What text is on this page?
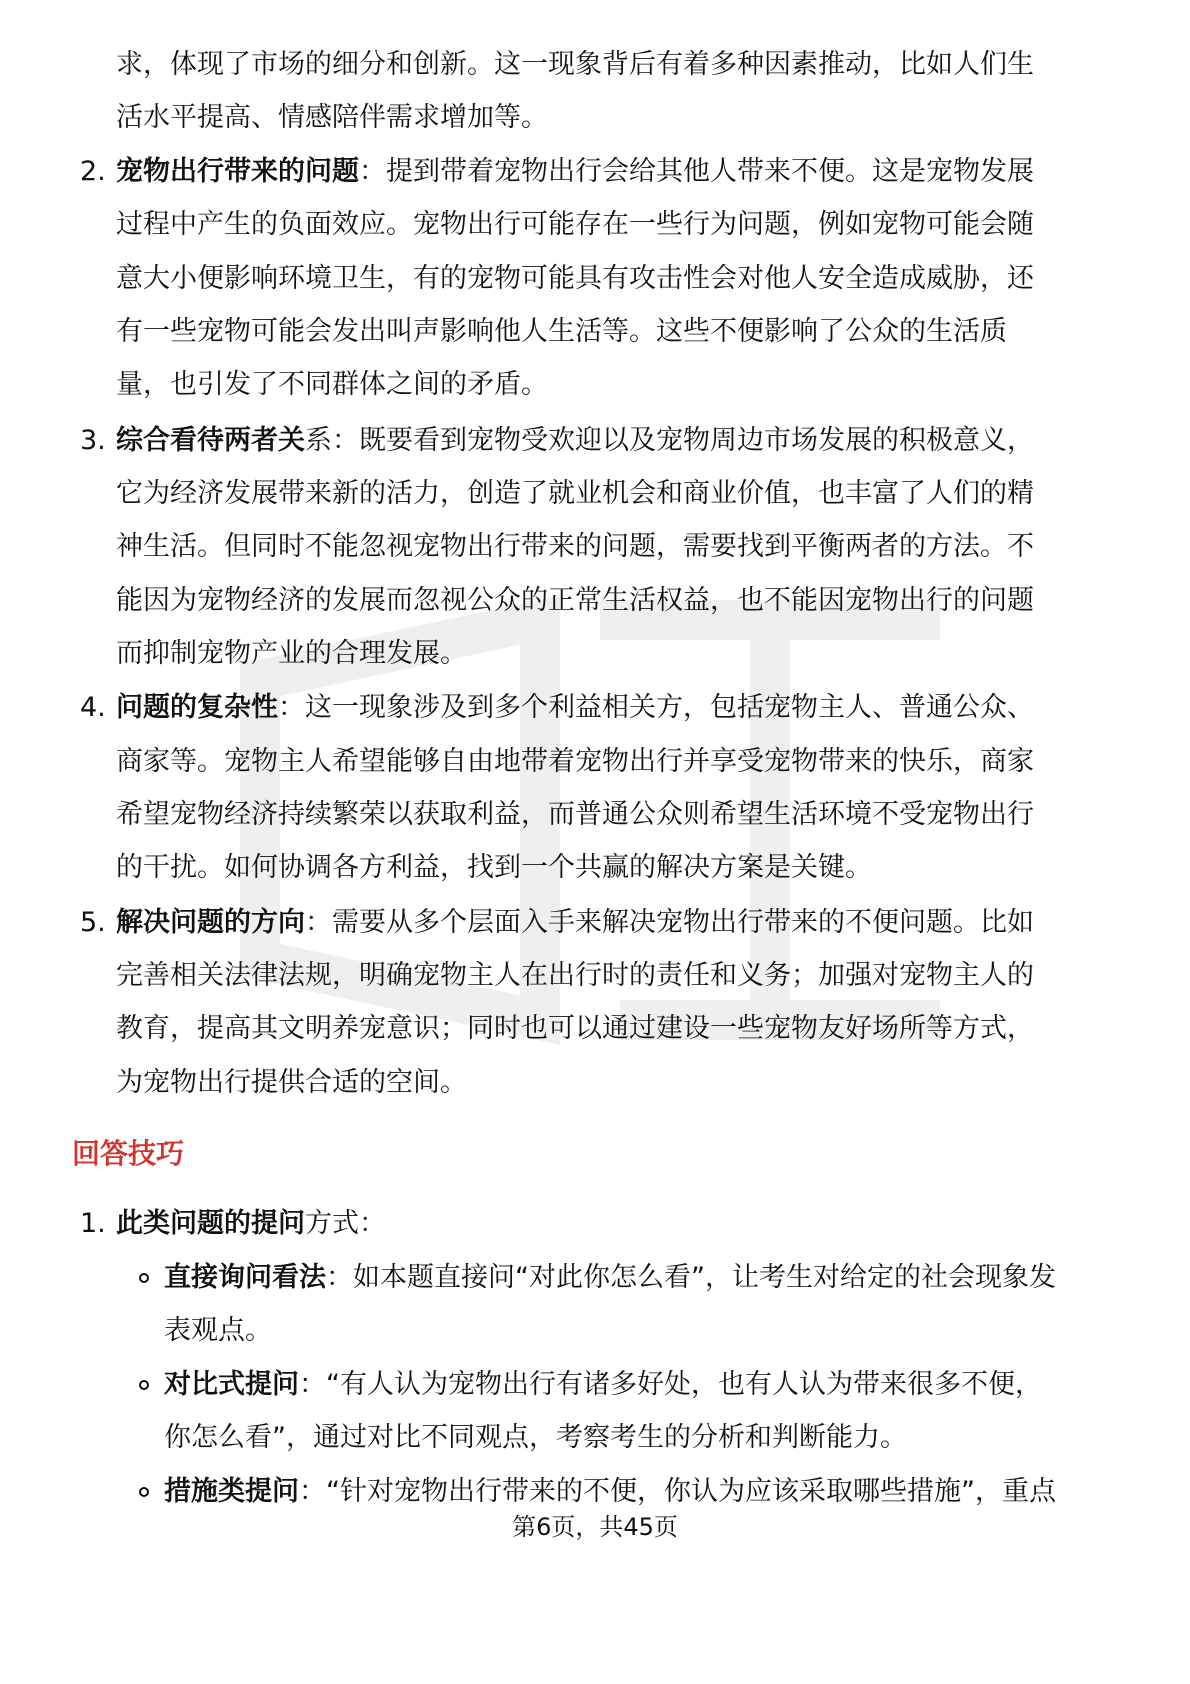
求，体现了市场的细分和创新。这一现象背后有着多种因素推动，比如人们生
活水平提高、情感陪伴需求增加等。
2. 宠物出行带来的问题：提到带着宠物出行会给其他人带来不便。这是宠物发展
过程中产生的负面效应。宠物出行可能存在一些行为问题，例如宠物可能会随
意大小便影响环境卫生，有的宠物可能具有攻击性会对他人安全造成威胁，还
有一些宠物可能会发出叫声影响他人生活等。这些不便影响了公众的生活质
量，也引发了不同群体之间的矛盾。
3. 综合看待两者关系：既要看到宠物受欢迎以及宠物周边市场发展的积极意义，
它为经济发展带来新的活力，创造了就业机会和商业价值，也丰富了人们的精
神生活。但同时不能忽视宠物出行带来的问题，需要找到平衡两者的方法。不
能因为宠物经济的发展而忽视公众的正常生活权益，也不能因宠物出行的问题
而抑制宠物产业的合理发展。
4. 问题的复杂性：这一现象涉及到多个利益相关方，包括宠物主人、普通公众、
商家等。宠物主人希望能够自由地带着宠物出行并享受宠物带来的快乐，商家
希望宠物经济持续繁荣以获取利益，而普通公众则希望生活环境不受宠物出行
的干扰。如何协调各方利益，找到一个共赢的解决方案是关键。
5. 解决问题的方向：需要从多个层面入手来解决宠物出行带来的不便问题。比如
完善相关法律法规，明确宠物主人在出行时的责任和义务；加强对宠物主人的
教育，提高其文明养宠意识；同时也可以通过建设一些宠物友好场所等方式，
为宠物出行提供合适的空间。
回答技巧
1. 此类问题的提问方式：
直接询问看法：如本题直接问“对此你怎么看”，让考生对给定的社会现象发
表观点。
对比式提问：“有人认为宠物出行有诸多好处，也有人认为带来很多不便，
你怎么看”，通过对比不同观点，考察考生的分析和判断能力。
措施类提问：“针对宠物出行带来的不便，你认为应该采取哪些措施”，重点
第6页，共45页
